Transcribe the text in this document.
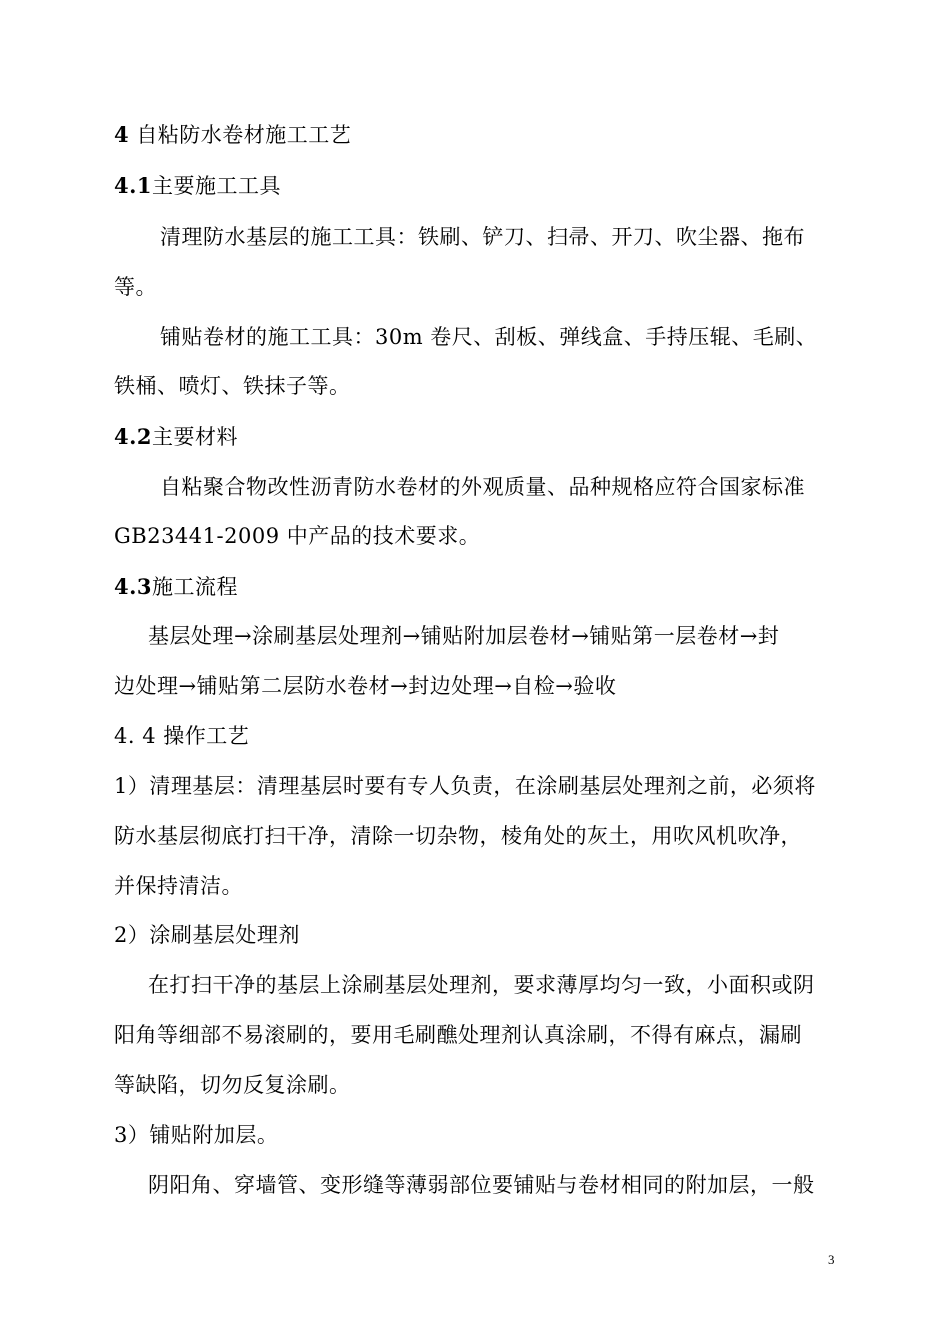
4 自粘防水卷材施工工艺
4.1主要施工工具
清理防水基层的施工工具：铁刷、铲刀、扫帚、开刀、吹尘器、拖布
等。
铺贴卷材的施工工具：30m 卷尺、刮板、弹线盒、手持压辊、毛刷、
铁桶、喷灯、铁抹子等。
4.2主要材料
自粘聚合物改性沥青防水卷材的外观质量、品种规格应符合国家标准
GB23441-2009 中产品的技术要求。
4.3施工流程
基层处理→涂刷基层处理剂→铺贴附加层卷材→铺贴第一层卷材→封
边处理→铺贴第二层防水卷材→封边处理→自检→验收
4. 4 操作工艺
1）清理基层：清理基层时要有专人负责，在涂刷基层处理剂之前，必须将
防水基层彻底打扫干净，清除一切杂物，棱角处的灰土，用吹风机吹净，
并保持清洁。
2）涂刷基层处理剂
在打扫干净的基层上涂刷基层处理剂，要求薄厚均匀一致，小面积或阴
阳角等细部不易滚刷的，要用毛刷醮处理剂认真涂刷，不得有麻点，漏刷
等缺陷，切勿反复涂刷。
3）铺贴附加层。
阴阳角、穿墙管、变形缝等薄弱部位要铺贴与卷材相同的附加层，一般
3
